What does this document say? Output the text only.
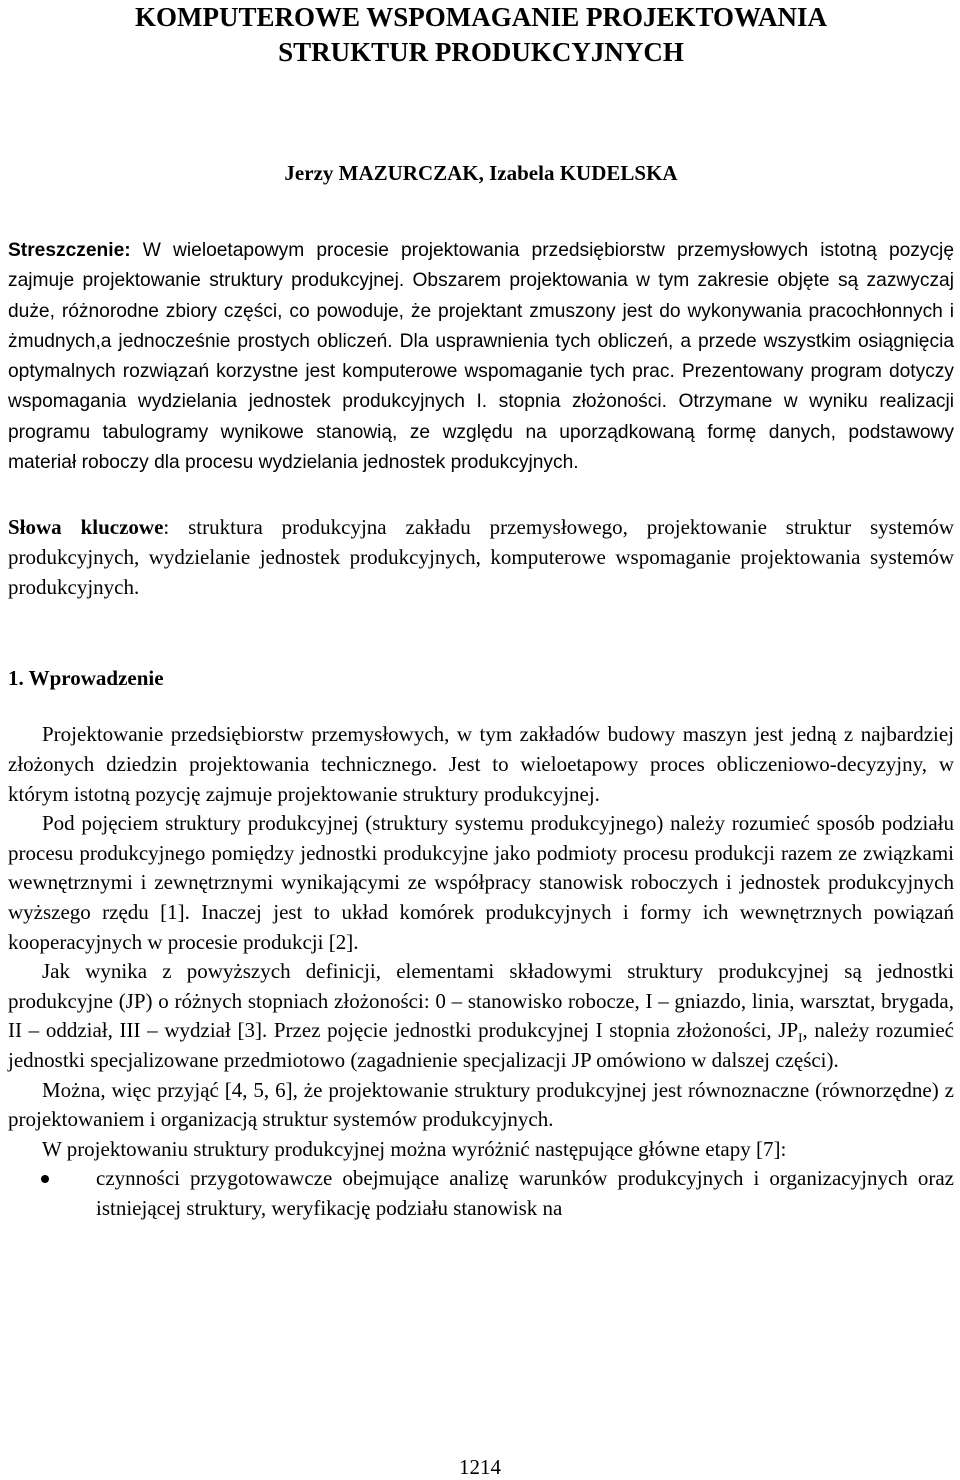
KOMPUTEROWE WSPOMAGANIE PROJEKTOWANIA
STRUKTUR PRODUKCYJNYCH
Jerzy MAZURCZAK, Izabela KUDELSKA

Streszczenie: W wieloetapowym procesie projektowania przedsiębiorstw przemysłowych istotną pozycję zajmuje projektowanie struktury produkcyjnej. Obszarem projektowania w tym zakresie objęte są zazwyczaj duże, różnorodne zbiory części, co powoduje, że projektant zmuszony jest do wykonywania pracochłonnych i żmudnych,a jednocześnie prostych obliczeń. Dla usprawnienia tych obliczeń, a przede wszystkim osiągnięcia optymalnych rozwiązań korzystne jest komputerowe wspomaganie tych prac. Prezentowany program dotyczy wspomagania wydzielania jednostek produkcyjnych I. stopnia złożoności. Otrzymane w wyniku realizacji programu tabulogramy wynikowe stanowią, ze względu na uporządkowaną formę danych, podstawowy materiał roboczy dla procesu wydzielania jednostek produkcyjnych.

Słowa kluczowe: struktura produkcyjna zakładu przemysłowego, projektowanie struktur systemów produkcyjnych, wydzielanie jednostek produkcyjnych, komputerowe wspomaganie projektowania systemów produkcyjnych.

1. Wprowadzenie

Projektowanie przedsiębiorstw przemysłowych, w tym zakładów budowy maszyn jest jedną z najbardziej złożonych dziedzin projektowania technicznego. Jest to wieloetapowy proces obliczeniowo-decyzyjny, w którym istotną pozycję zajmuje projektowanie struktury produkcyjnej.

Pod pojęciem struktury produkcyjnej (struktury systemu produkcyjnego) należy rozumieć sposób podziału procesu produkcyjnego pomiędzy jednostki produkcyjne jako podmioty procesu produkcji razem ze związkami wewnętrznymi i zewnętrznymi wynikającymi ze współpracy stanowisk roboczych i jednostek produkcyjnych wyższego rzędu [1]. Inaczej jest to układ komórek produkcyjnych i formy ich wewnętrznych powiązań kooperacyjnych w procesie produkcji [2].

Jak wynika z powyższych definicji, elementami składowymi struktury produkcyjnej są jednostki produkcyjne (JP) o różnych stopniach złożoności: 0 – stanowisko robocze, I – gniazdo, linia, warsztat, brygada, II – oddział, III – wydział [3]. Przez pojęcie jednostki produkcyjnej I stopnia złożoności, $JP_I$, należy rozumieć jednostki specjalizowane przedmiotowo (zagadnienie specjalizacji JP omówiono w dalszej części).

Można, więc przyjąć [4, 5, 6], że projektowanie struktury produkcyjnej jest równoznaczne (równorzędne) z projektowaniem i organizacją struktur systemów produkcyjnych.

W projektowaniu struktury produkcyjnej można wyróżnić następujące główne etapy [7]:

czynności przygotowawcze obejmujące analizę warunków produkcyjnych i organizacyjnych oraz istniejącej struktury, weryfikację podziału stanowisk na
1214
